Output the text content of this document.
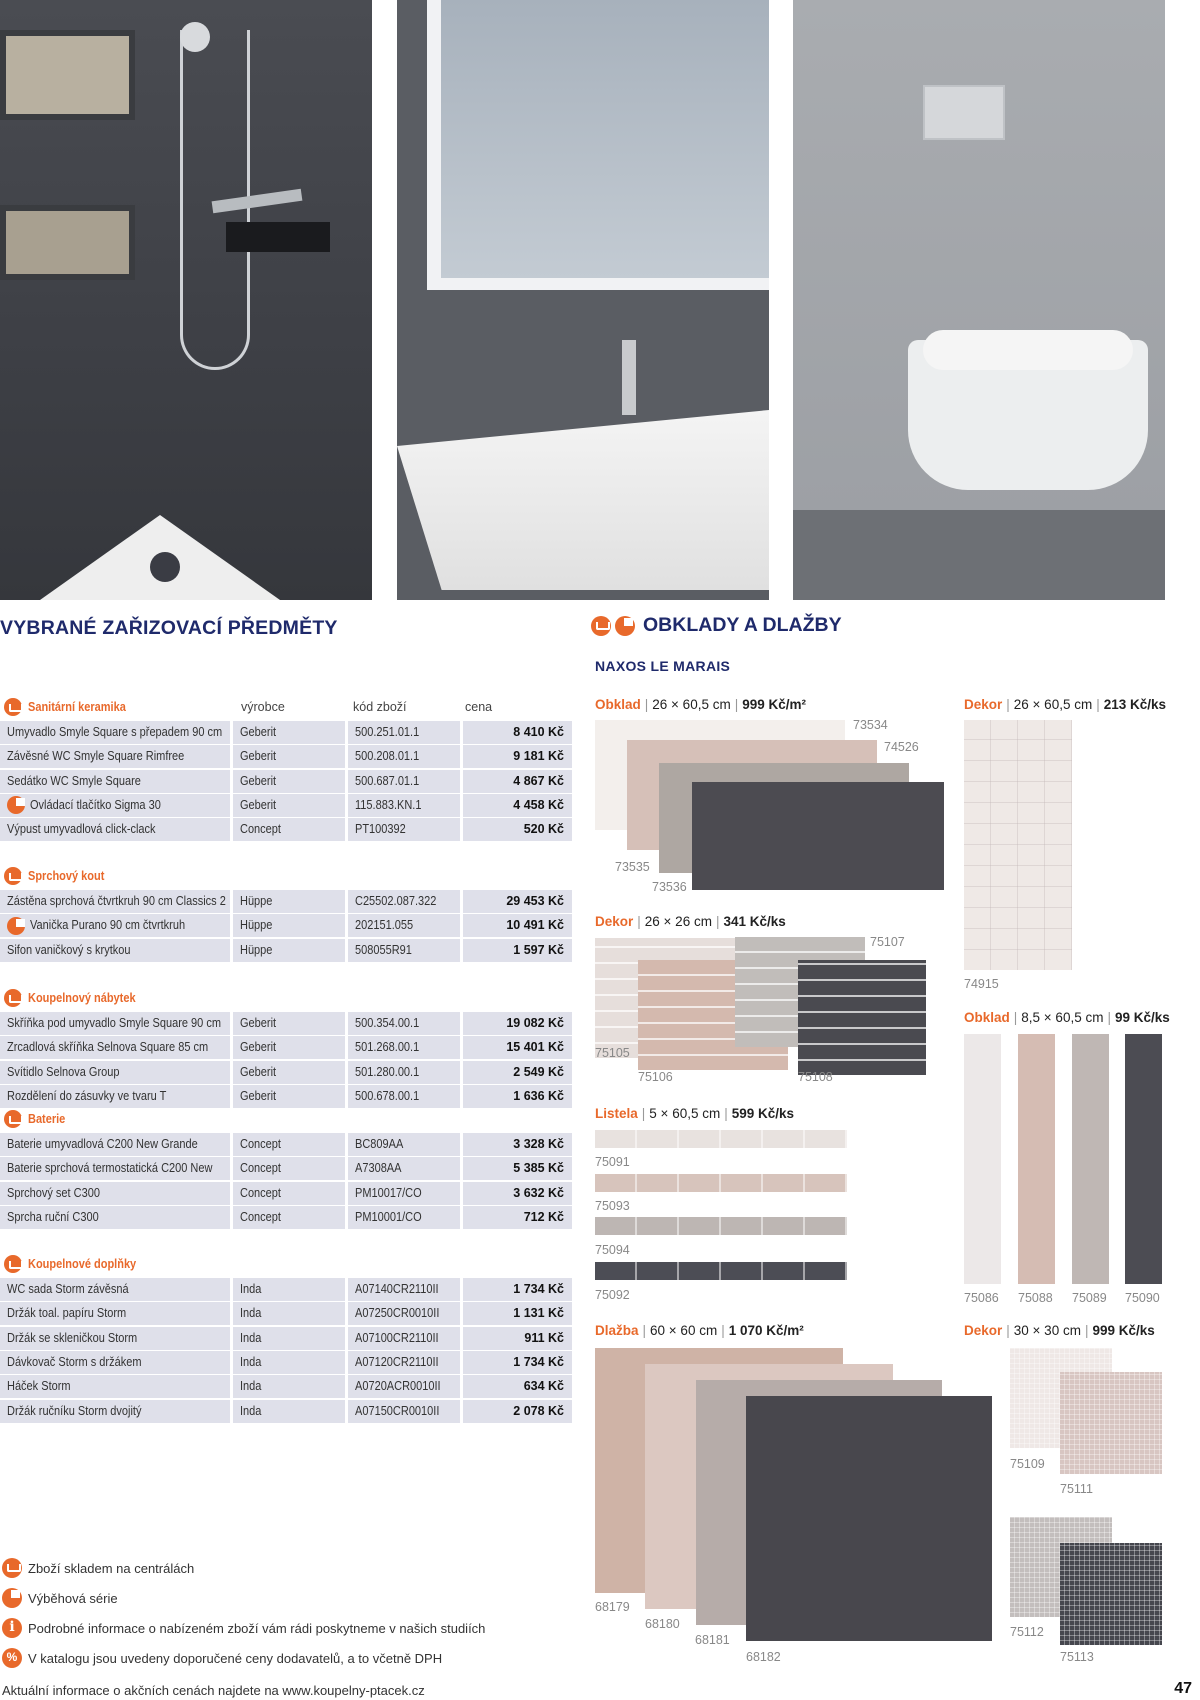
VYBRANÉ ZAŘIZOVACÍ PŘEDMĚTY	OBKLADY A DLAŽBY
NAXOS LE MARAIS
Sanitární keramika	výrobce	kód zboží	cena
Umyvadlo Smyle Square s přepadem 90 cm	Geberit	500.251.01.1	8 410 Kč
Závěsné WC Smyle Square Rimfree	Geberit	500.208.01.1	9 181 Kč
Sedátko WC Smyle Square	Geberit	500.687.01.1	4 867 Kč
Ovládací tlačítko Sigma 30	Geberit	115.883.KN.1	4 458 Kč
Výpust umyvadlová click-clack	Concept	PT100392	520 Kč
Sprchový kout
Zástěna sprchová čtvrtkruh 90 cm Classics 2	Hüppe	C25502.087.322	29 453 Kč
Vanička Purano 90 cm čtvrtkruh	Hüppe	202151.055	10 491 Kč
Sifon vaničkový s krytkou	Hüppe	508055R91	1 597 Kč
Koupelnový nábytek
Skříňka pod umyvadlo Smyle Square 90 cm	Geberit	500.354.00.1	19 082 Kč
Zrcadlová skříňka Selnova Square 85 cm	Geberit	501.268.00.1	15 401 Kč
Svítidlo Selnova Group	Geberit	501.280.00.1	2 549 Kč
Rozdělení do zásuvky ve tvaru T	Geberit	500.678.00.1	1 636 Kč
Baterie
Baterie umyvadlová C200 New Grande	Concept	BC809AA	3 328 Kč
Baterie sprchová termostatická C200 New	Concept	A7308AA	5 385 Kč
Sprchový set C300	Concept	PM10017/CO	3 632 Kč
Sprcha ruční C300	Concept	PM10001/CO	712 Kč
Koupelnové doplňky
WC sada Storm závěsná	Inda	A07140CR2110II	1 734 Kč
Držák toal. papíru Storm	Inda	A07250CR0010II	1 131 Kč
Držák se skleničkou Storm	Inda	A07100CR2110II	911 Kč
Dávkovač Storm s držákem	Inda	A07120CR2110II	1 734 Kč
Háček Storm	Inda	A0720ACR0010II	634 Kč
Držák ručníku Storm dvojitý	Inda	A07150CR0010II	2 078 Kč
Obklad | 26 × 60,5 cm | 999 Kč/m²
73534
74526
73535
73536
Dekor | 26 × 26 cm | 341 Kč/ks
75105
75106
75107
75108
Listela | 5 × 60,5 cm | 599 Kč/ks
75091
75093
75094
75092
Dlažba | 60 × 60 cm | 1 070 Kč/m²
68179
68180
68181
68182
Dekor | 26 × 60,5 cm | 213 Kč/ks
74915
Obklad | 8,5 × 60,5 cm | 99 Kč/ks
75086 75088 75089 75090
Dekor | 30 × 30 cm | 999 Kč/ks
75109
75111
75112
75113
Zboží skladem na centrálách
Výběhová série
i
Podrobné informace o nabízeném zboží vám rádi poskytneme v našich studiích
%
V katalogu jsou uvedeny doporučené ceny dodavatelů, a to včetně DPH
Aktuální informace o akčních cenách najdete na www.koupelny-ptacek.cz	47
